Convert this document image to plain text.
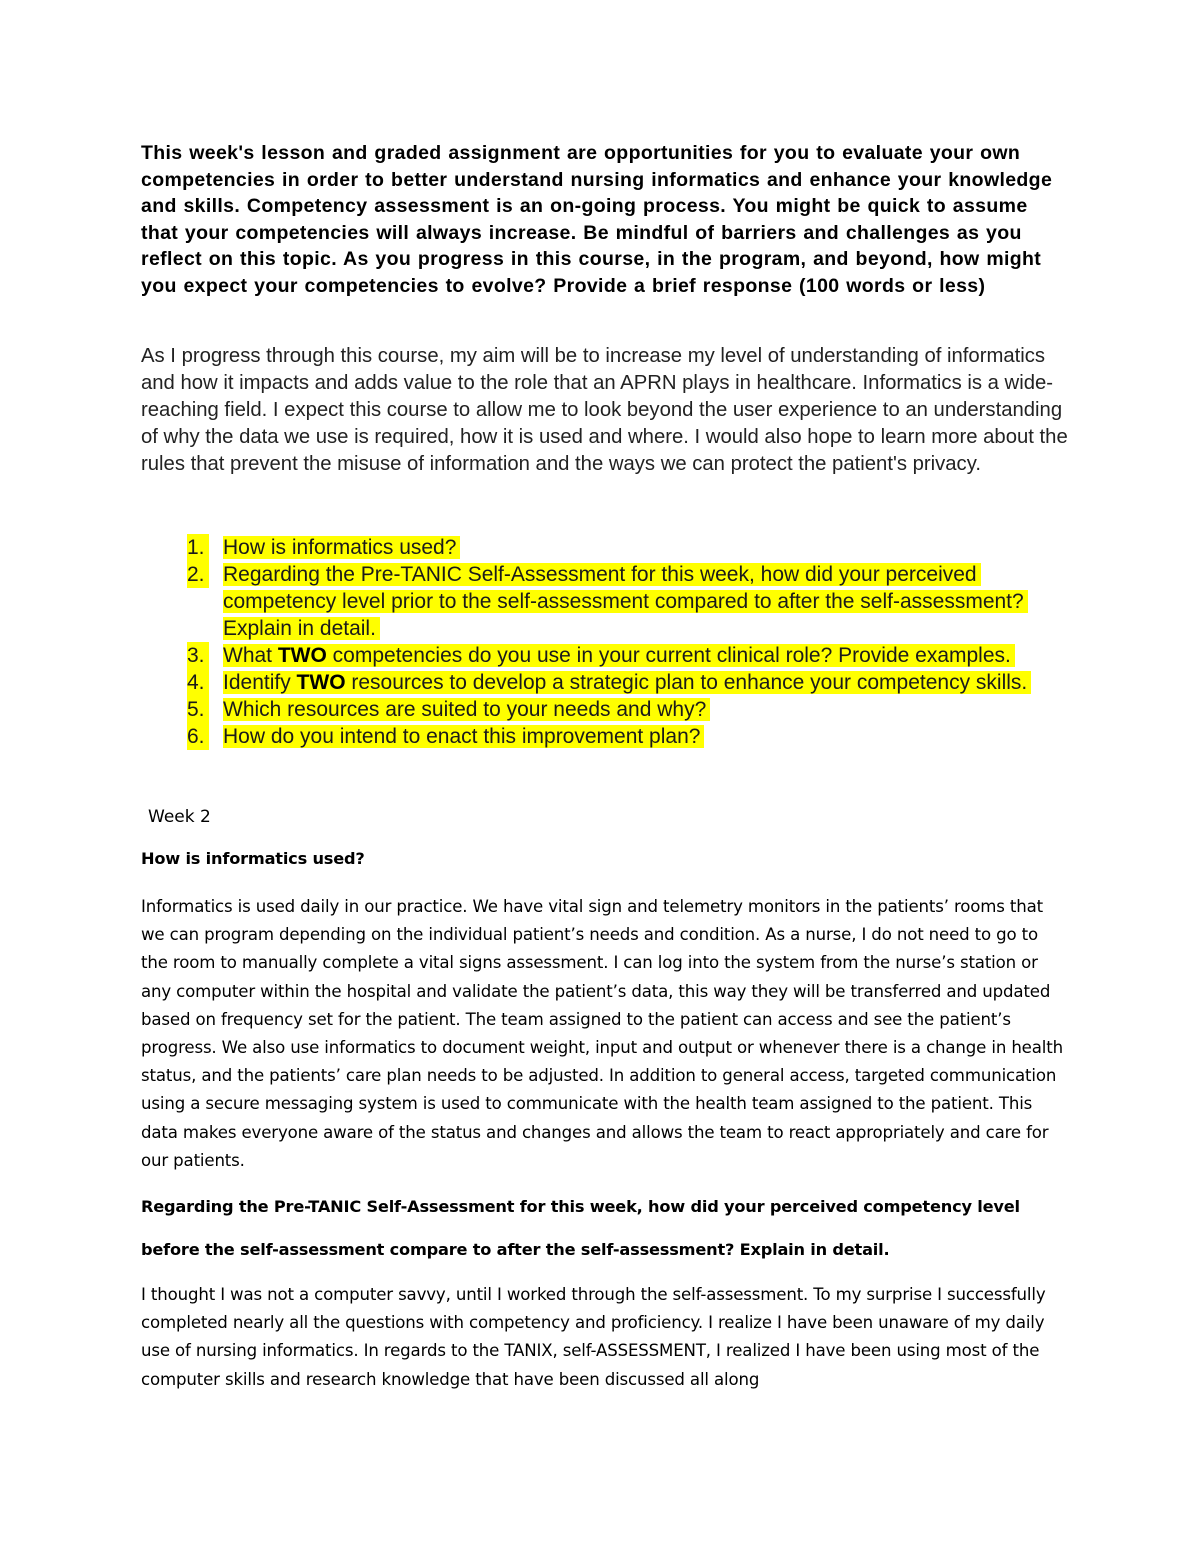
This week's lesson and graded assignment are opportunities for you to evaluate your own competencies in order to better understand nursing informatics and enhance your knowledge and skills. Competency assessment is an on-going process. You might be quick to assume that your competencies will always increase. Be mindful of barriers and challenges as you reflect on this topic. As you progress in this course, in the program, and beyond, how might you expect your competencies to evolve? Provide a brief response (100 words or less)
As I progress through this course, my aim will be to increase my level of understanding of informatics and how it impacts and adds value to the role that an APRN plays in healthcare. Informatics is a wide-reaching field. I expect this course to allow me to look beyond the user experience to an understanding of why the data we use is required, how it is used and where. I would also hope to learn more about the rules that prevent the misuse of information and the ways we can protect the patient's privacy.
1. How is informatics used?
2. Regarding the Pre-TANIC Self-Assessment for this week, how did your perceived competency level prior to the self-assessment compared to after the self-assessment? Explain in detail.
3. What TWO competencies do you use in your current clinical role? Provide examples.
4. Identify TWO resources to develop a strategic plan to enhance your competency skills.
5. Which resources are suited to your needs and why?
6. How do you intend to enact this improvement plan?
Week 2
How is informatics used?
Informatics is used daily in our practice. We have vital sign and telemetry monitors in the patients’ rooms that we can program depending on the individual patient’s needs and condition. As a nurse, I do not need to go to the room to manually complete a vital signs assessment. I can log into the system from the nurse’s station or any computer within the hospital and validate the patient’s data, this way they will be transferred and updated based on frequency set for the patient. The team assigned to the patient can access and see the patient’s progress. We also use informatics to document weight, input and output or whenever there is a change in health status, and the patients’ care plan needs to be adjusted. In addition to general access, targeted communication using a secure messaging system is used to communicate with the health team assigned to the patient. This data makes everyone aware of the status and changes and allows the team to react appropriately and care for our patients.
Regarding the Pre-TANIC Self-Assessment for this week, how did your perceived competency level
before the self-assessment compare to after the self-assessment? Explain in detail.
I thought I was not a computer savvy, until I worked through the self-assessment. To my surprise I successfully completed nearly all the questions with competency and proficiency. I realize I have been unaware of my daily use of nursing informatics. In regards to the TANIX, self-ASSESSMENT, I realized I have been using most of the computer skills and research knowledge that have been discussed all along
